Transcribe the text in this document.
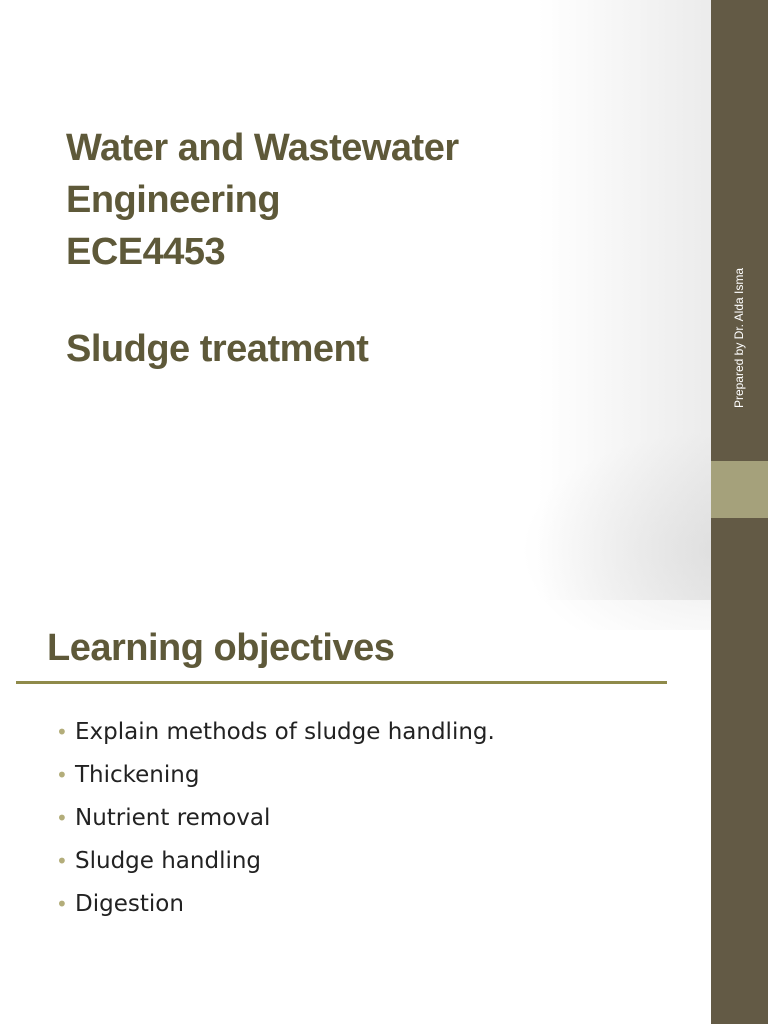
Water and Wastewater
Engineering
ECE4453
Sludge treatment	Prepared by Dr. Alda Isma
Learning objectives
• Explain methods of sludge handling.
• Thickening
• Nutrient removal
• Sludge handling
• Digestion
